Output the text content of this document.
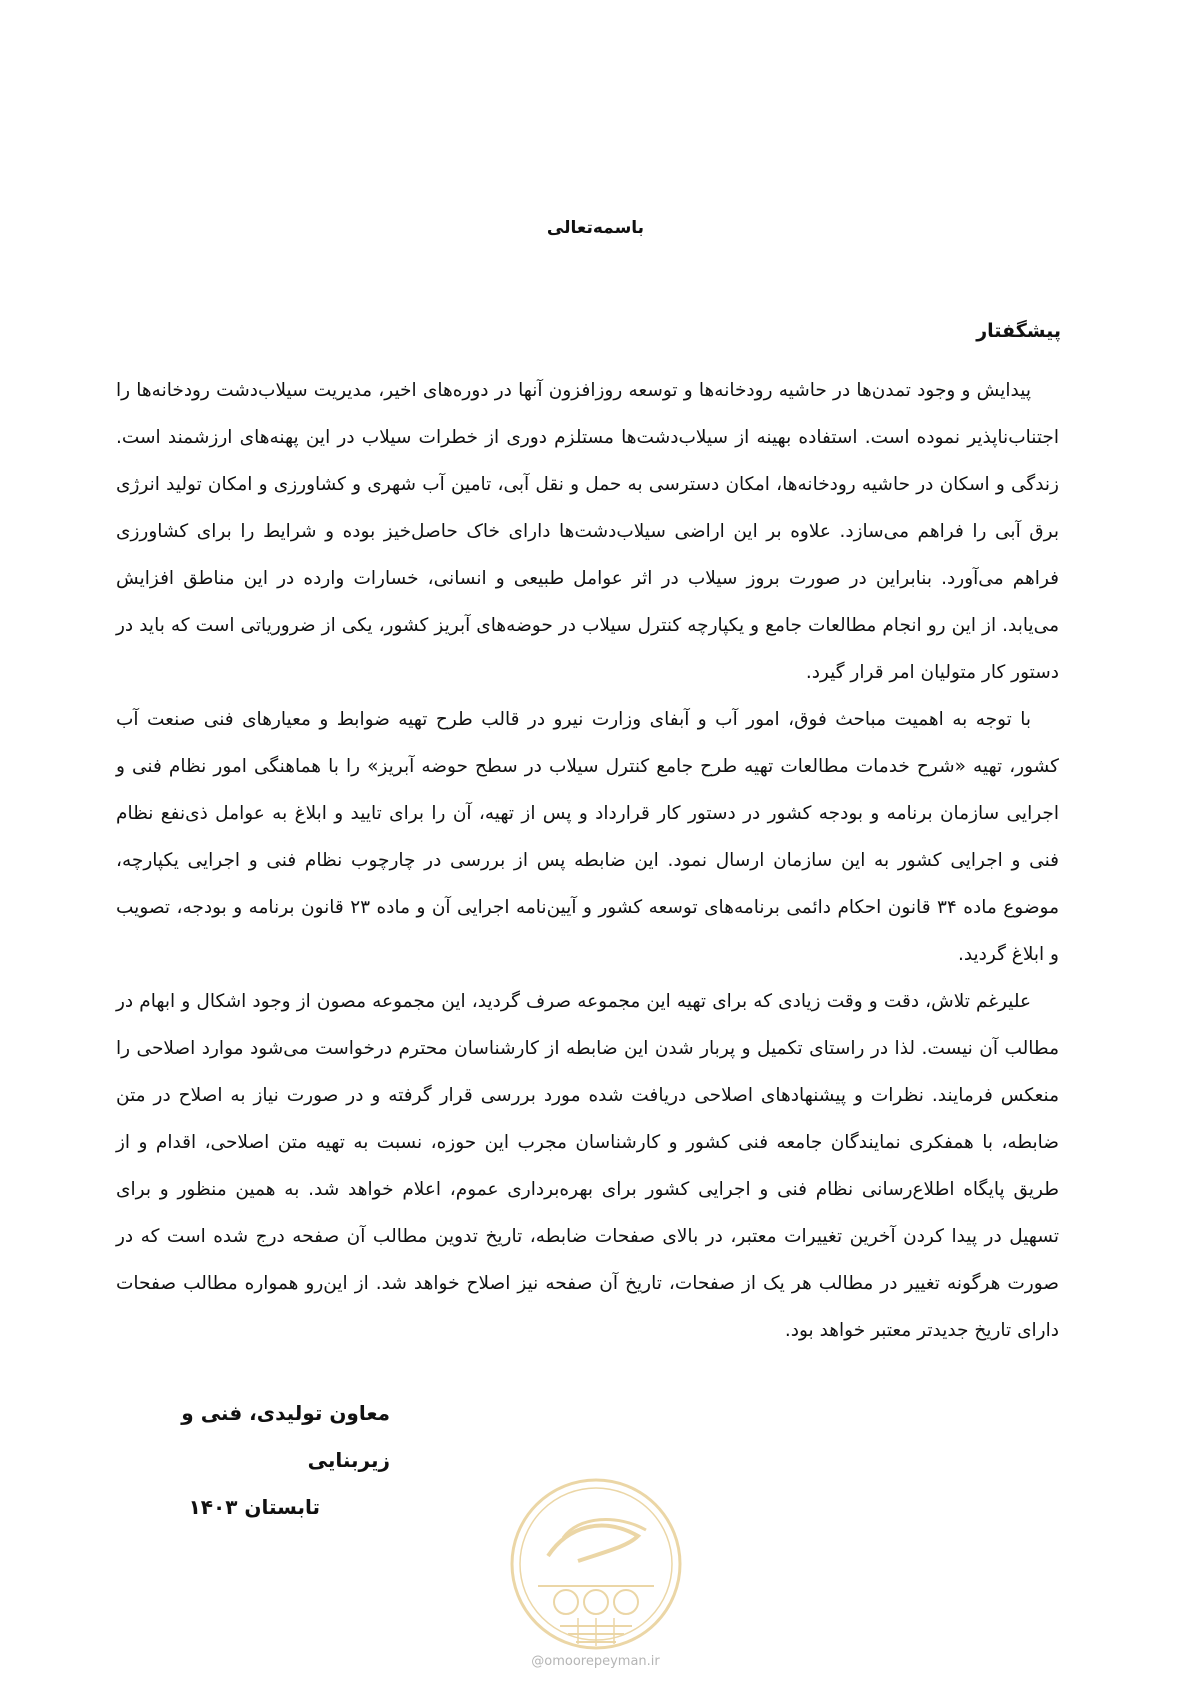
باسمه‌تعالی
پیشگفتار

پیدایش و وجود تمدن‌ها در حاشیه رودخانه‌ها و توسعه روزافزون آنها در دوره‌های اخیر، مدیریت سیلاب‌دشت رودخانه‌ها را اجتناب‌ناپذیر نموده است. استفاده بهینه از سیلاب‌دشت‌ها مستلزم دوری از خطرات سیلاب در این پهنه‌های ارزشمند است. زندگی و اسکان در حاشیه رودخانه‌ها، امکان دسترسی به حمل و نقل آبی، تامین آب شهری و کشاورزی و امکان تولید انرژی برق آبی را فراهم می‌سازد. علاوه بر این اراضی سیلاب‌دشت‌ها دارای خاک حاصل‌خیز بوده و شرایط را برای کشاورزی فراهم می‌آورد. بنابراین در صورت بروز سیلاب در اثر عوامل طبیعی و انسانی، خسارات وارده در این مناطق افزایش می‌یابد. از این رو انجام مطالعات جامع و یکپارچه کنترل سیلاب در حوضه‌های آبریز کشور، یکی از ضروریاتی است که باید در دستور کار متولیان امر قرار گیرد.

با توجه به اهمیت مباحث فوق، امور آب و آبفای وزارت نیرو در قالب طرح تهیه ضوابط و معیارهای فنی صنعت آب کشور، تهیه «شرح خدمات مطالعات تهیه طرح جامع کنترل سیلاب در سطح حوضه آبریز» را با هماهنگی امور نظام فنی و اجرایی سازمان برنامه و بودجه کشور در دستور کار قرارداد و پس از تهیه، آن را برای تایید و ابلاغ به عوامل ذی‌نفع نظام فنی و اجرایی کشور به این سازمان ارسال نمود. این ضابطه پس از بررسی در چارچوب نظام فنی و اجرایی یکپارچه، موضوع ماده ۳۴ قانون احکام دائمی برنامه‌های توسعه کشور و آیین‌نامه اجرایی آن و ماده ۲۳ قانون برنامه و بودجه، تصویب و ابلاغ گردید.

علیرغم تلاش، دقت و وقت زیادی که برای تهیه این مجموعه صرف گردید، این مجموعه مصون از وجود اشکال و ابهام در مطالب آن نیست. لذا در راستای تکمیل و پربار شدن این ضابطه از کارشناسان محترم درخواست می‌شود موارد اصلاحی را منعکس فرمایند. نظرات و پیشنهادهای اصلاحی دریافت شده مورد بررسی قرار گرفته و در صورت نیاز به اصلاح در متن ضابطه، با همفکری نمایندگان جامعه فنی کشور و کارشناسان مجرب این حوزه، نسبت به تهیه متن اصلاحی، اقدام و از طریق پایگاه اطلاع‌رسانی نظام فنی و اجرایی کشور برای بهره‌برداری عموم، اعلام خواهد شد. به همین منظور و برای تسهیل در پیدا کردن آخرین تغییرات معتبر، در بالای صفحات ضابطه، تاریخ تدوین مطالب آن صفحه درج شده است که در صورت هرگونه تغییر در مطالب هر یک از صفحات، تاریخ آن صفحه نیز اصلاح خواهد شد. از این‌رو همواره مطالب صفحات دارای تاریخ جدیدتر معتبر خواهد بود.

معاون تولیدی، فنی و زیربنایی
تابستان ۱۴۰۳
@omoorepeyman.ir
